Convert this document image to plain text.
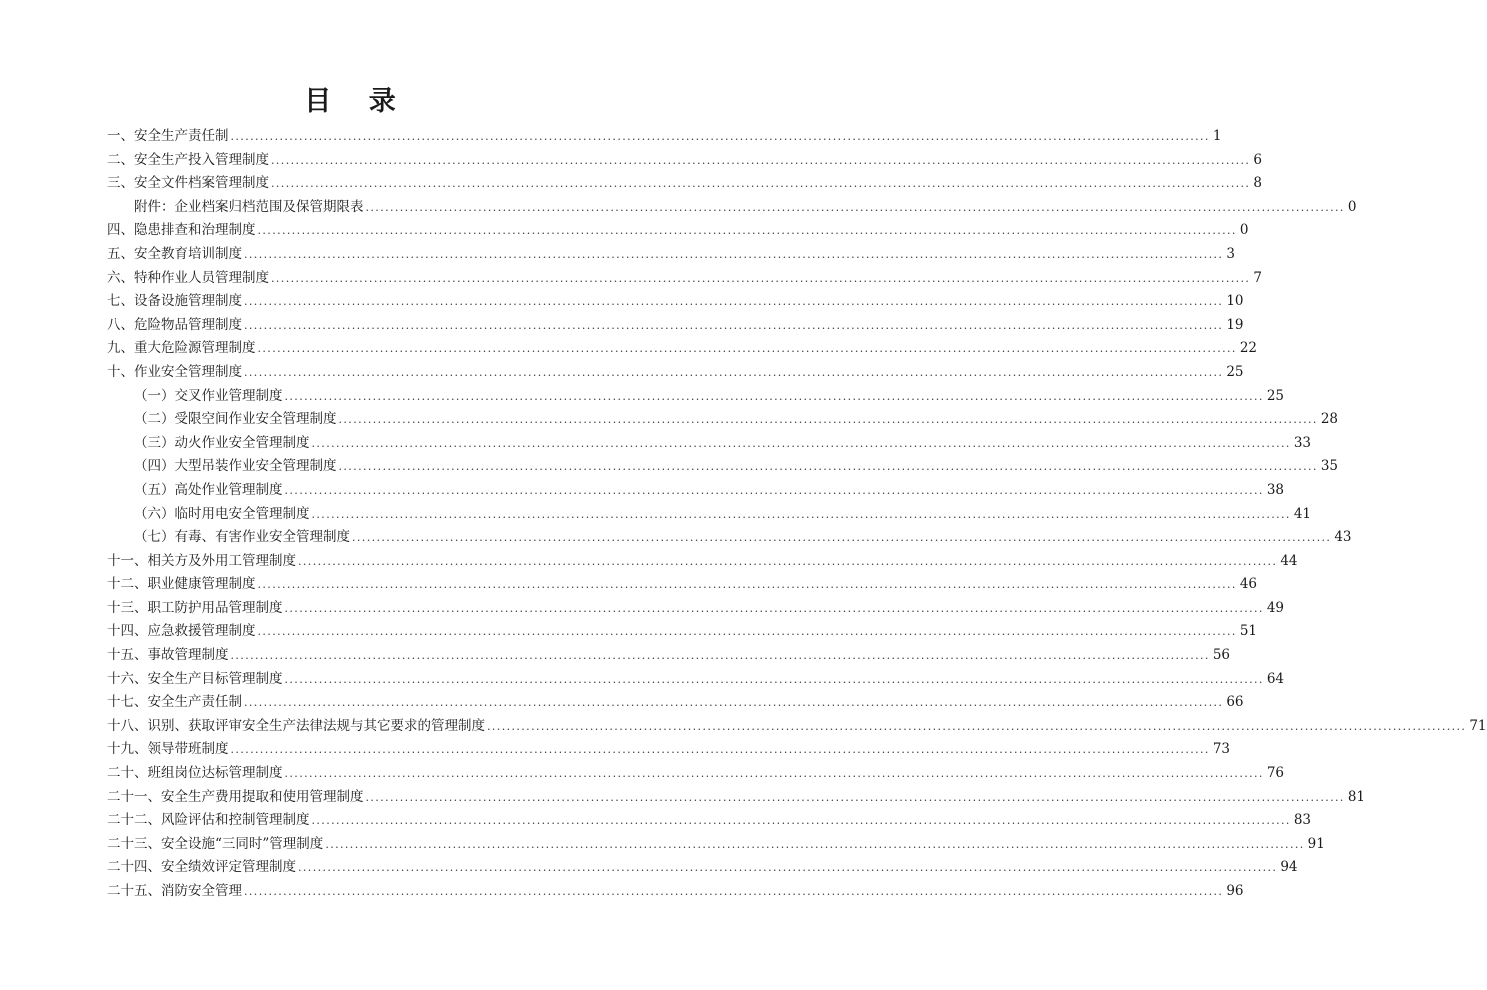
目 录
一、安全生产责任制 ........................................................................................................................................................................................................ 1
二、安全生产投入管理制度 ........................................................................................................................................................................................................ 6
三、安全文件档案管理制度 ........................................................................................................................................................................................................ 8
附件：企业档案归档范围及保管期限表 ........................................................................................................................................................................................................ 0
四、隐患排查和治理制度 ........................................................................................................................................................................................................ 0
五、安全教育培训制度 ........................................................................................................................................................................................................ 3
六、特种作业人员管理制度 ........................................................................................................................................................................................................ 7
七、设备设施管理制度 ........................................................................................................................................................................................................ 10
八、危险物品管理制度 ........................................................................................................................................................................................................ 19
九、重大危险源管理制度 ........................................................................................................................................................................................................ 22
十、作业安全管理制度 ........................................................................................................................................................................................................ 25
（一）交叉作业管理制度 ........................................................................................................................................................................................................ 25
（二）受限空间作业安全管理制度 ........................................................................................................................................................................................................ 28
（三）动火作业安全管理制度 ........................................................................................................................................................................................................ 33
（四）大型吊装作业安全管理制度 ........................................................................................................................................................................................................ 35
（五）高处作业管理制度 ........................................................................................................................................................................................................ 38
（六）临时用电安全管理制度 ........................................................................................................................................................................................................ 41
（七）有毒、有害作业安全管理制度 ........................................................................................................................................................................................................ 43
十一、相关方及外用工管理制度 ........................................................................................................................................................................................................ 44
十二、职业健康管理制度 ........................................................................................................................................................................................................ 46
十三、职工防护用品管理制度 ........................................................................................................................................................................................................ 49
十四、应急救援管理制度 ........................................................................................................................................................................................................ 51
十五、事故管理制度 ........................................................................................................................................................................................................ 56
十六、安全生产目标管理制度 ........................................................................................................................................................................................................ 64
十七、安全生产责任制 ........................................................................................................................................................................................................ 66
十八、识别、获取评审安全生产法律法规与其它要求的管理制度 ........................................................................................................................................................................................................ 71
十九、领导带班制度 ........................................................................................................................................................................................................ 73
二十、班组岗位达标管理制度 ........................................................................................................................................................................................................ 76
二十一、安全生产费用提取和使用管理制度 ........................................................................................................................................................................................................ 81
二十二、风险评估和控制管理制度 ........................................................................................................................................................................................................ 83
二十三、安全设施“三同时”管理制度 ........................................................................................................................................................................................................ 91
二十四、安全绩效评定管理制度 ........................................................................................................................................................................................................ 94
二十五、消防安全管理 ........................................................................................................................................................................................................ 96
